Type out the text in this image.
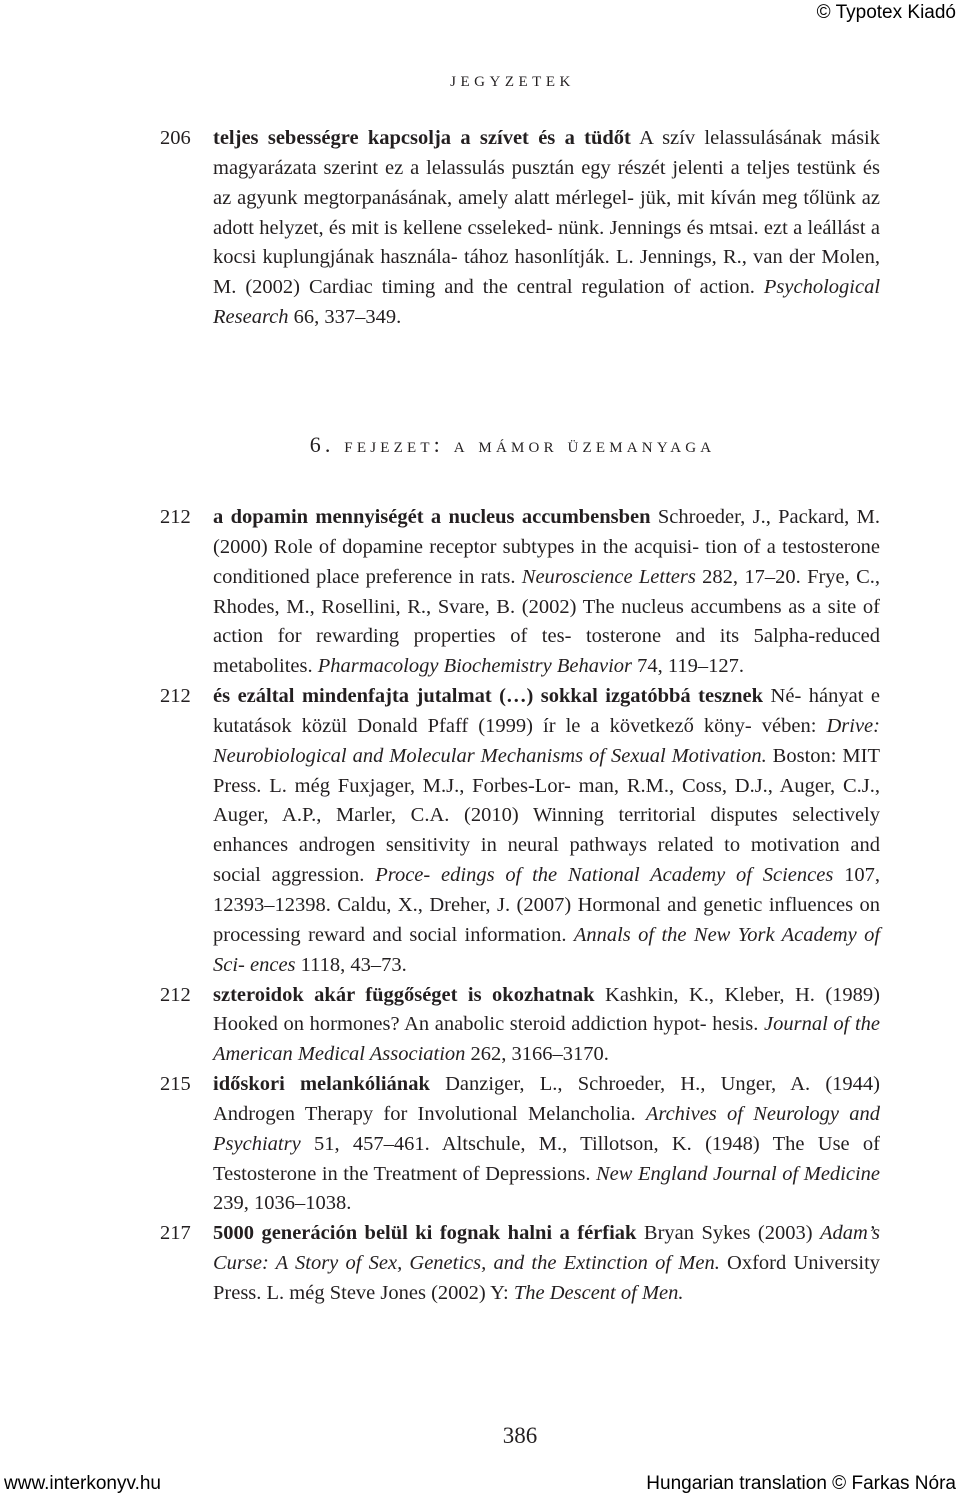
© Typotex Kiadó
jegyzetek
206 teljes sebességre kapcsolja a szívet és a tüdőt A szív lelassulásának másik magyarázata szerint ez a lelassulás pusztán egy részét jelenti a teljes testünk és az agyunk megtorpanásának, amely alatt mérlegel- jük, mit kíván meg tőlünk az adott helyzet, és mit is kellene csseleked- nünk. Jennings és mtsai. ezt a leállást a kocsi kuplungjának használa- tához hasonlítják. L. Jennings, R., van der Molen, M. (2002) Cardiac timing and the central regulation of action. Psychological Research 66, 337–349.
6. fejezet: a mámor üzemanyaga
212 a dopamin mennyiségét a nucleus accumbensben Schroeder, J., Packard, M. (2000) Role of dopamine receptor subtypes in the acquisi- tion of a testosterone conditioned place preference in rats. Neuroscience Letters 282, 17–20. Frye, C., Rhodes, M., Rosellini, R., Svare, B. (2002) The nucleus accumbens as a site of action for rewarding properties of tes- tosterone and its 5alpha-reduced metabolites. Pharmacology Biochemistry Behavior 74, 119–127.
212 és ezáltal mindenfajta jutalmat (…) sokkal izgatóbbá tesznek Né- hányat e kutatások közül Donald Pfaff (1999) ír le a következő köny- vében: Drive: Neurobiological and Molecular Mechanisms of Sexual Motivation. Boston: MIT Press. L. még Fuxjager, M.J., Forbes-Lor- man, R.M., Coss, D.J., Auger, C.J., Auger, A.P., Marler, C.A. (2010) Winning territorial disputes selectively enhances androgen sensitivity in neural pathways related to motivation and social aggression. Proce- edings of the National Academy of Sciences 107, 12393–12398. Caldu, X., Dreher, J. (2007) Hormonal and genetic influences on processing reward and social information. Annals of the New York Academy of Sci- ences 1118, 43–73.
212 szteroidok akár függőséget is okozhatnak Kashkin, K., Kleber, H. (1989) Hooked on hormones? An anabolic steroid addiction hypot- hesis. Journal of the American Medical Association 262, 3166–3170.
215 időskori melankóliának Danziger, L., Schroeder, H., Unger, A. (1944) Androgen Therapy for Involutional Melancholia. Archives of Neurology and Psychiatry 51, 457–461. Altschule, M., Tillotson, K. (1948) The Use of Testosterone in the Treatment of Depressions. New England Journal of Medicine 239, 1036–1038.
217 5000 generáción belül ki fognak halni a férfiak Bryan Sykes (2003) Adam’s Curse: A Story of Sex, Genetics, and the Extinction of Men. Oxford University Press. L. még Steve Jones (2002) Y: The Descent of Men.
386
www.interkonyv.hu	Hungarian translation © Farkas Nóra
